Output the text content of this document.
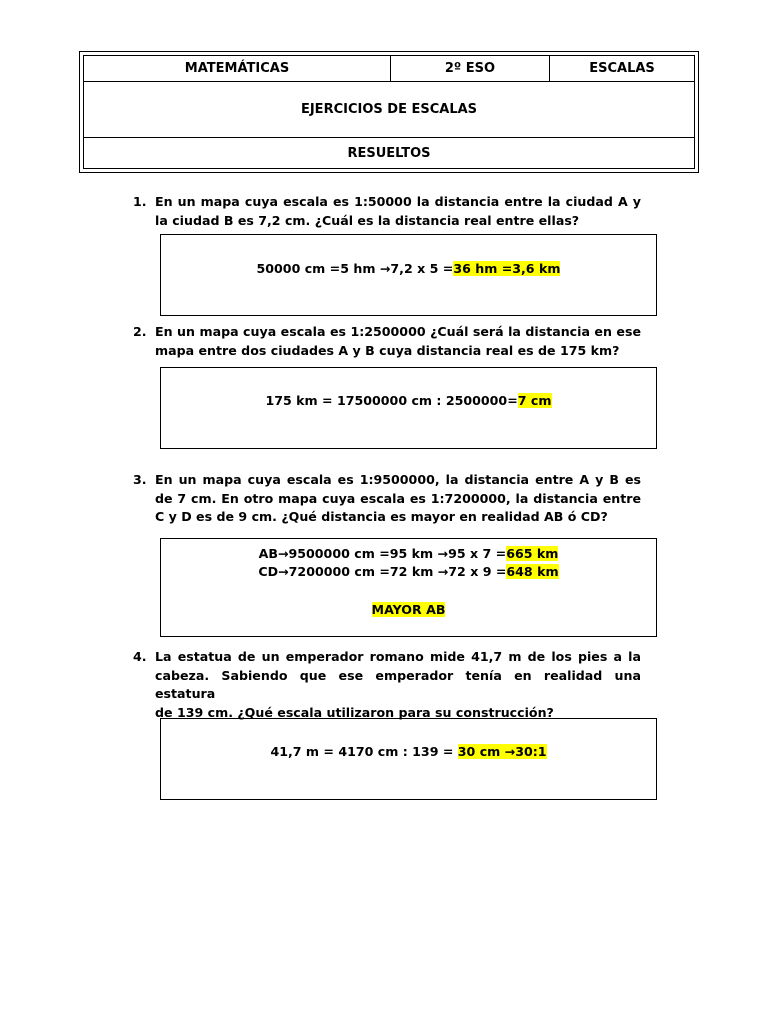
MATEMÁTICAS	2º ESO	ESCALAS
EJERCICIOS DE ESCALAS
RESUELTOS
1. En un mapa cuya escala es 1:50000 la distancia entre la ciudad A y
la ciudad B es 7,2 cm. ¿Cuál es la distancia real entre ellas?
50000 cm =5 hm →7,2 x 5 =36 hm =3,6 km
2. En un mapa cuya escala es 1:2500000 ¿Cuál será la distancia en ese
mapa entre dos ciudades A y B cuya distancia real es de 175 km?
175 km = 17500000 cm : 2500000=7 cm
3. En un mapa cuya escala es 1:9500000, la distancia entre A y B es
de 7 cm. En otro mapa cuya escala es 1:7200000, la distancia entre
C y D es de 9 cm. ¿Qué distancia es mayor en realidad AB ó CD?
AB→9500000 cm =95 km →95 x 7 =665 km
CD→7200000 cm =72 km →72 x 9 =648 km
MAYOR AB
4. La estatua de un emperador romano mide 41,7 m de los pies a la
cabeza. Sabiendo que ese emperador tenía en realidad una estatura
de 139 cm. ¿Qué escala utilizaron para su construcción?
41,7 m = 4170 cm : 139 = 30 cm →30:1
